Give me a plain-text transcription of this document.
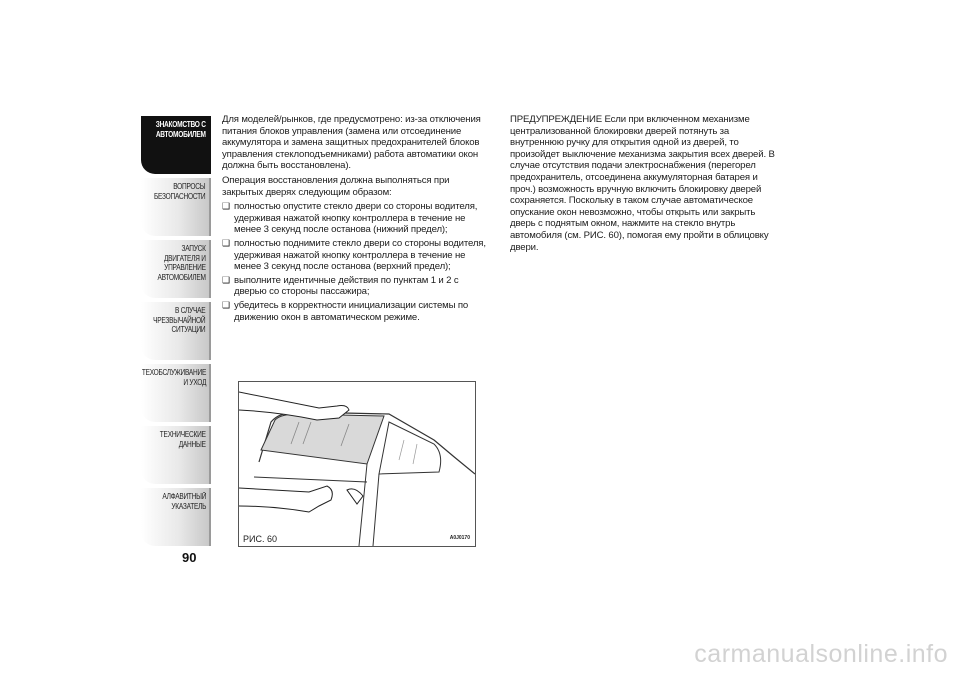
ЗНАКОМСТВО С
АВТОМОБИЛЕМ
ВОПРОСЫ
БЕЗОПАСНОСТИ
ЗАПУСК ДВИГАТЕЛЯ И
УПРАВЛЕНИЕ
АВТОМОБИЛЕМ
В СЛУЧАЕ
ЧРЕЗВЫЧАЙНОЙ
СИТУАЦИИ
ТЕХОБСЛУЖИВАНИЕ
И УХОД
ТЕХНИЧЕСКИЕ
ДАННЫЕ
АЛФАВИТНЫЙ
УКАЗАТЕЛЬ
90

Для моделей/рынков, где предусмотрено: из-за отключения питания блоков управления (замена или отсоединение аккумулятора и замена защитных предохранителей блоков управления стеклоподъемниками) работа автоматики окон должна быть восстановлена).

Операция восстановления должна выполняться при закрытых дверях следующим образом:

❑ полностью опустите стекло двери со стороны водителя, удерживая нажатой кнопку контроллера в течение не менее 3 секунд после останова (нижний предел);
❑ полностью поднимите стекло двери со стороны водителя, удерживая нажатой кнопку контроллера в течение не менее 3 секунд после останова (верхний предел);
❑ выполните идентичные действия по пунктам 1 и 2 с дверью со стороны пассажира;
❑ убедитесь в корректности инициализации системы по движению окон в автоматическом режиме.

ПРЕДУПРЕЖДЕНИЕ Если при включенном механизме централизованной блокировки дверей потянуть за внутреннюю ручку для открытия одной из дверей, то произойдет выключение механизма закрытия всех дверей. В случае отсутствия подачи электроснабжения (перегорел предохранитель, отсоединена аккумуляторная батарея и проч.) возможность вручную включить блокировку дверей сохраняется. Поскольку в таком случае автоматическое опускание окон невозможно, чтобы открыть или закрыть дверь с поднятым окном, нажмите на стекло внутрь автомобиля (см. РИС. 60), помогая ему пройти в облицовку двери.

РИС. 60	A0J0170
carmanualsonline.info
